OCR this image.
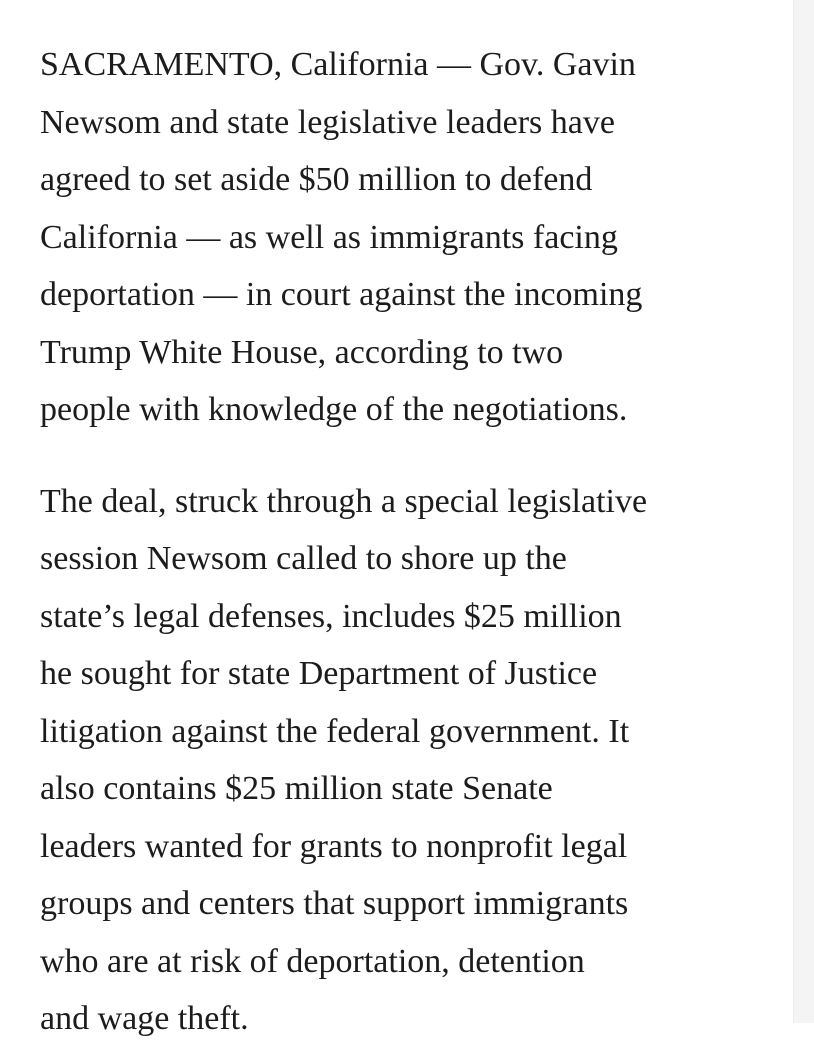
SACRAMENTO, California — Gov. Gavin
Newsom and state legislative leaders have
agreed to set aside $50 million to defend
California — as well as immigrants facing
deportation — in court against the incoming
Trump White House, according to two
people with knowledge of the negotiations.

The deal, struck through a special legislative
session Newsom called to shore up the
state’s legal defenses, includes $25 million
he sought for state Department of Justice
litigation against the federal government. It
also contains $25 million state Senate
leaders wanted for grants to nonprofit legal
groups and centers that support immigrants
who are at risk of deportation, detention
and wage theft.
